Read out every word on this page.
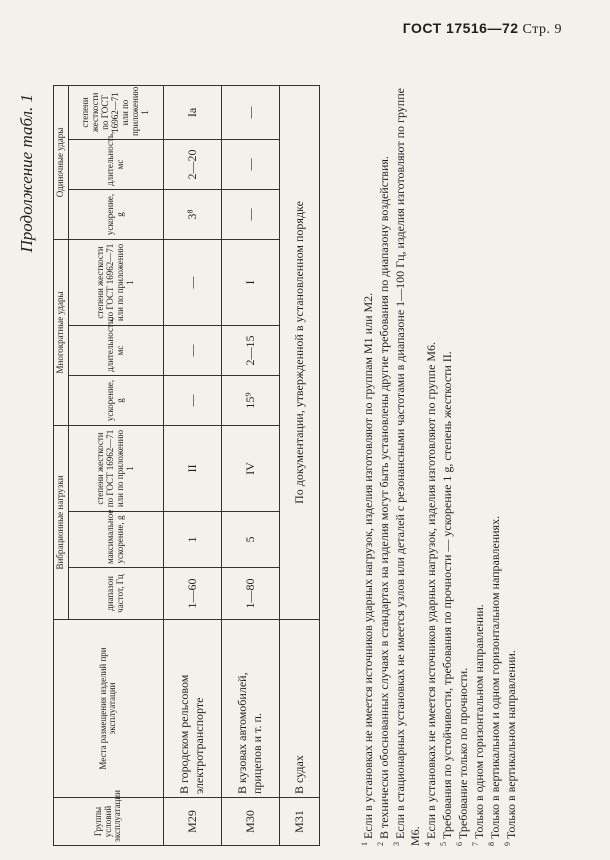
ГОСТ 17516—72 Стр. 9
Продолжение табл. 1
Группы условий эксплуатации	Места размещения изделий при эксплуатации	Вибрационные нагрузки			Многократные удары			Одиночные удары		
		диапазон частот, Гц	максимальное ускорение, g	степени жесткости по ГОСТ 16962—71 или по приложению 1	ускорение, g	длительность, мс	степени жесткости по ГОСТ 16962—71 или по приложению 1	ускорение, g	длительность, мс	степени жесткости по ГОСТ 16962—71 или по приложению 1
М29	В городском рельсовом электротранспорте	1—60	1	II	—	—	—	3⁸	2—20	Iа
М30	В кузовах автомобилей, прицепов и т. п.	1—80	5	IV	15⁹	2—15	I	—	—	—
М31	В судах	По документации, утвержденной в установленном порядке								

$^1$ Если в установках не имеется источников ударных нагрузок, изделия изготовляют по группам М1 или М2.

$^2$ В технически обоснованных случаях в стандартах на изделия могут быть установлены другие требования по диапазону воздействия.

$^3$ Если в стационарных установках не имеется узлов или деталей с резонансными частотами в диапазоне 1—100 Гц, изделия изготовляют по группе М6. $^4$ Если в установках не имеется источников ударных нагрузок, изделия изготовляют по группе М6.

$^5$ Требования по устойчивости, требования по прочности — ускорение 1 g, степень жесткости II.

$^6$ Требование только по прочности.

$^7$ Только в одном горизонтальном направлении.

$^8$ Только в вертикальном и одном горизонтальном направлениях.

$^9$ Только в вертикальном направлении.
